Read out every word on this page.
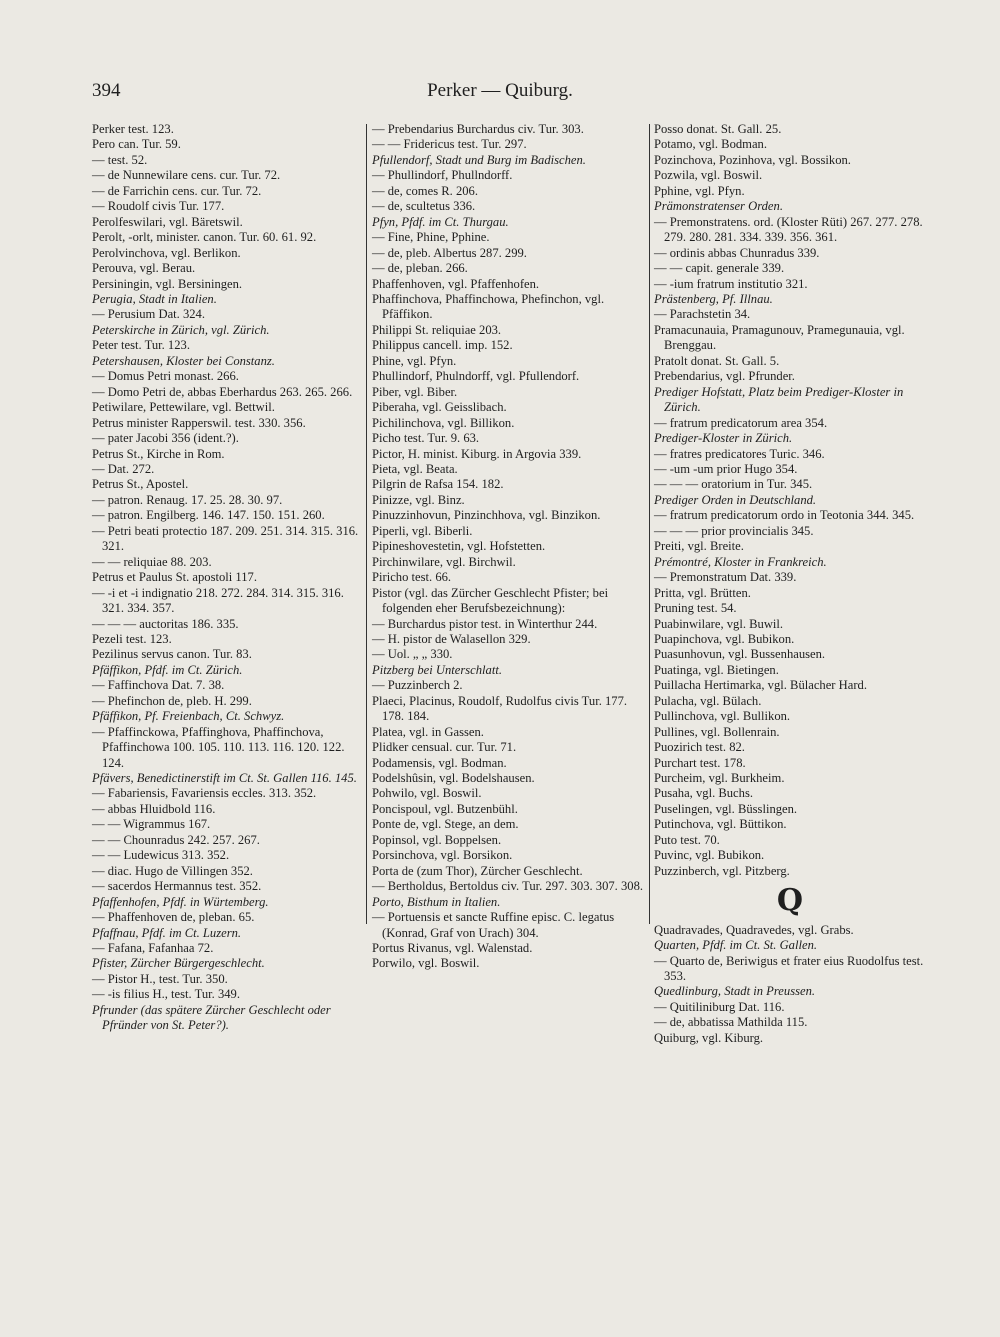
394	Perker — Quiburg.
Perker test. 123.
Pero can. Tur. 59.
— test. 52.
— de Nunnewilare cens. cur. Tur. 72.
— de Farrichin cens. cur. Tur. 72.
— Roudolf civis Tur. 177.
Perolfeswilari, vgl. Bäretswil.
Perolt, -orlt, minister. canon. Tur. 60. 61. 92.
Perolvinchova, vgl. Berlikon.
Perouva, vgl. Berau.
Persiningin, vgl. Bersiningen.
Perugia, Stadt in Italien.
— Perusium Dat. 324.
Peterskirche in Zürich, vgl. Zürich.
Peter test. Tur. 123.
Petershausen, Kloster bei Constanz.
— Domus Petri monast. 266.
— Domo Petri de, abbas Eberhardus 263. 265. 266.
Petiwilare, Pettewilare, vgl. Bettwil.
Petrus minister Rapperswil. test. 330. 356.
— pater Jacobi 356 (ident.?).
Petrus St., Kirche in Rom.
— Dat. 272.
Petrus St., Apostel.
— patron. Renaug. 17. 25. 28. 30. 97.
— patron. Engilberg. 146. 147. 150. 151. 260.
— Petri beati protectio 187. 209. 251. 314. 315. 316. 321.
— — reliquiae 88. 203.
Petrus et Paulus St. apostoli 117.
— -i et -i indignatio 218. 272. 284. 314. 315. 316. 321. 334. 357.
— — — auctoritas 186. 335.
Pezeli test. 123.
Pezilinus servus canon. Tur. 83.
Pfäffikon, Pfdf. im Ct. Zürich.
— Faffinchova Dat. 7. 38.
— Phefinchon de, pleb. H. 299.
Pfäffikon, Pf. Freienbach, Ct. Schwyz.
— Pfaffinckowa, Pfaffinghova, Phaffinchova, Pfaffinchowa 100. 105. 110. 113. 116. 120. 122. 124.
Pfävers, Benedictinerstift im Ct. St. Gallen 116. 145.
— Fabariensis, Favariensis eccles. 313. 352.
— abbas Hluidbold 116.
— — Wigrammus 167.
— — Chounradus 242. 257. 267.
— — Ludewicus 313. 352.
— diac. Hugo de Villingen 352.
— sacerdos Hermannus test. 352.
Pfaffenhofen, Pfdf. in Würtemberg.
— Phaffenhoven de, pleban. 65.
Pfaffnau, Pfdf. im Ct. Luzern.
— Fafana, Fafanhaa 72.
Pfister, Zürcher Bürgergeschlecht.
— Pistor H., test. Tur. 350.
— -is filius H., test. Tur. 349.
Pfrunder (das spätere Zürcher Geschlecht oder Pfründer von St. Peter?).
— Prebendarius Burchardus civ. Tur. 303.
— — Fridericus test. Tur. 297.
Pfullendorf, Stadt und Burg im Badischen.
— Phullindorf, Phullndorff.
— de, comes R. 206.
— de, scultetus 336.
Pfyn, Pfdf. im Ct. Thurgau.
— Fine, Phine, Pphine.
— de, pleb. Albertus 287. 299.
— de, pleban. 266.
Phaffenhoven, vgl. Pfaffenhofen.
Phaffinchova, Phaffinchowa, Phefinchon, vgl. Pfäffikon.
Philippi St. reliquiae 203.
Philippus cancell. imp. 152.
Phine, vgl. Pfyn.
Phullindorf, Phulndorff, vgl. Pfullendorf.
Piber, vgl. Biber.
Piberaha, vgl. Geisslibach.
Pichilinchova, vgl. Billikon.
Picho test. Tur. 9. 63.
Pictor, H. minist. Kiburg. in Argovia 339.
Pieta, vgl. Beata.
Pilgrin de Rafsa 154. 182.
Pinizze, vgl. Binz.
Pinuzzinhovun, Pinzinchhova, vgl. Binzikon.
Piperli, vgl. Biberli.
Pipineshovestetin, vgl. Hofstetten.
Pirchinwilare, vgl. Birchwil.
Piricho test. 66.
Pistor (vgl. das Zürcher Geschlecht Pfister; bei folgenden eher Berufsbezeichnung):
— Burchardus pistor test. in Winterthur 244.
— H. pistor de Walasellon 329.
— Uol. „ „ 330.
Pitzberg bei Unterschlatt.
— Puzzinberch 2.
Plaeci, Placinus, Roudolf, Rudolfus civis Tur. 177. 178. 184.
Platea, vgl. in Gassen.
Plidker censual. cur. Tur. 71.
Podamensis, vgl. Bodman.
Podelshûsin, vgl. Bodelshausen.
Pohwilo, vgl. Boswil.
Poncispoul, vgl. Butzenbühl.
Ponte de, vgl. Stege, an dem.
Popinsol, vgl. Boppelsen.
Porsinchova, vgl. Borsikon.
Porta de (zum Thor), Zürcher Geschlecht.
— Bertholdus, Bertoldus civ. Tur. 297. 303. 307. 308.
Porto, Bisthum in Italien.
— Portuensis et sancte Ruffine episc. C. legatus (Konrad, Graf von Urach) 304.
Portus Rivanus, vgl. Walenstad.
Porwilo, vgl. Boswil.
Posso donat. St. Gall. 25.
Potamo, vgl. Bodman.
Pozinchova, Pozinhova, vgl. Bossikon.
Pozwila, vgl. Boswil.
Pphine, vgl. Pfyn.
Prämonstratenser Orden.
— Premonstratens. ord. (Kloster Rüti) 267. 277. 278. 279. 280. 281. 334. 339. 356. 361.
— ordinis abbas Chunradus 339.
— — capit. generale 339.
— -ium fratrum institutio 321.
Prästenberg, Pf. Illnau.
— Parachstetin 34.
Pramacunauia, Pramagunouv, Pramegunauia, vgl. Brenggau.
Pratolt donat. St. Gall. 5.
Prebendarius, vgl. Pfrunder.
Prediger Hofstatt, Platz beim Prediger-Kloster in Zürich.
— fratrum predicatorum area 354.
Prediger-Kloster in Zürich.
— fratres predicatores Turic. 346.
— -um -um prior Hugo 354.
— — — oratorium in Tur. 345.
Prediger Orden in Deutschland.
— fratrum predicatorum ordo in Teotonia 344. 345.
— — — prior provincialis 345.
Preiti, vgl. Breite.
Prémontré, Kloster in Frankreich.
— Premonstratum Dat. 339.
Pritta, vgl. Brütten.
Pruning test. 54.
Puabinwilare, vgl. Buwil.
Puapinchova, vgl. Bubikon.
Puasunhovun, vgl. Bussenhausen.
Puatinga, vgl. Bietingen.
Puillacha Hertimarka, vgl. Bülacher Hard.
Pulacha, vgl. Bülach.
Pullinchova, vgl. Bullikon.
Pullines, vgl. Bollenrain.
Puozirich test. 82.
Purchart test. 178.
Purcheim, vgl. Burkheim.
Pusaha, vgl. Buchs.
Puselingen, vgl. Büsslingen.
Putinchova, vgl. Büttikon.
Puto test. 70.
Puvinc, vgl. Bubikon.
Puzzinberch, vgl. Pitzberg.
Q
Quadravades, Quadravedes, vgl. Grabs.
Quarten, Pfdf. im Ct. St. Gallen.
— Quarto de, Beriwigus et frater eius Ruodolfus test. 353.
Quedlinburg, Stadt in Preussen.
— Quitiliniburg Dat. 116.
— de, abbatissa Mathilda 115.
Quiburg, vgl. Kiburg.
